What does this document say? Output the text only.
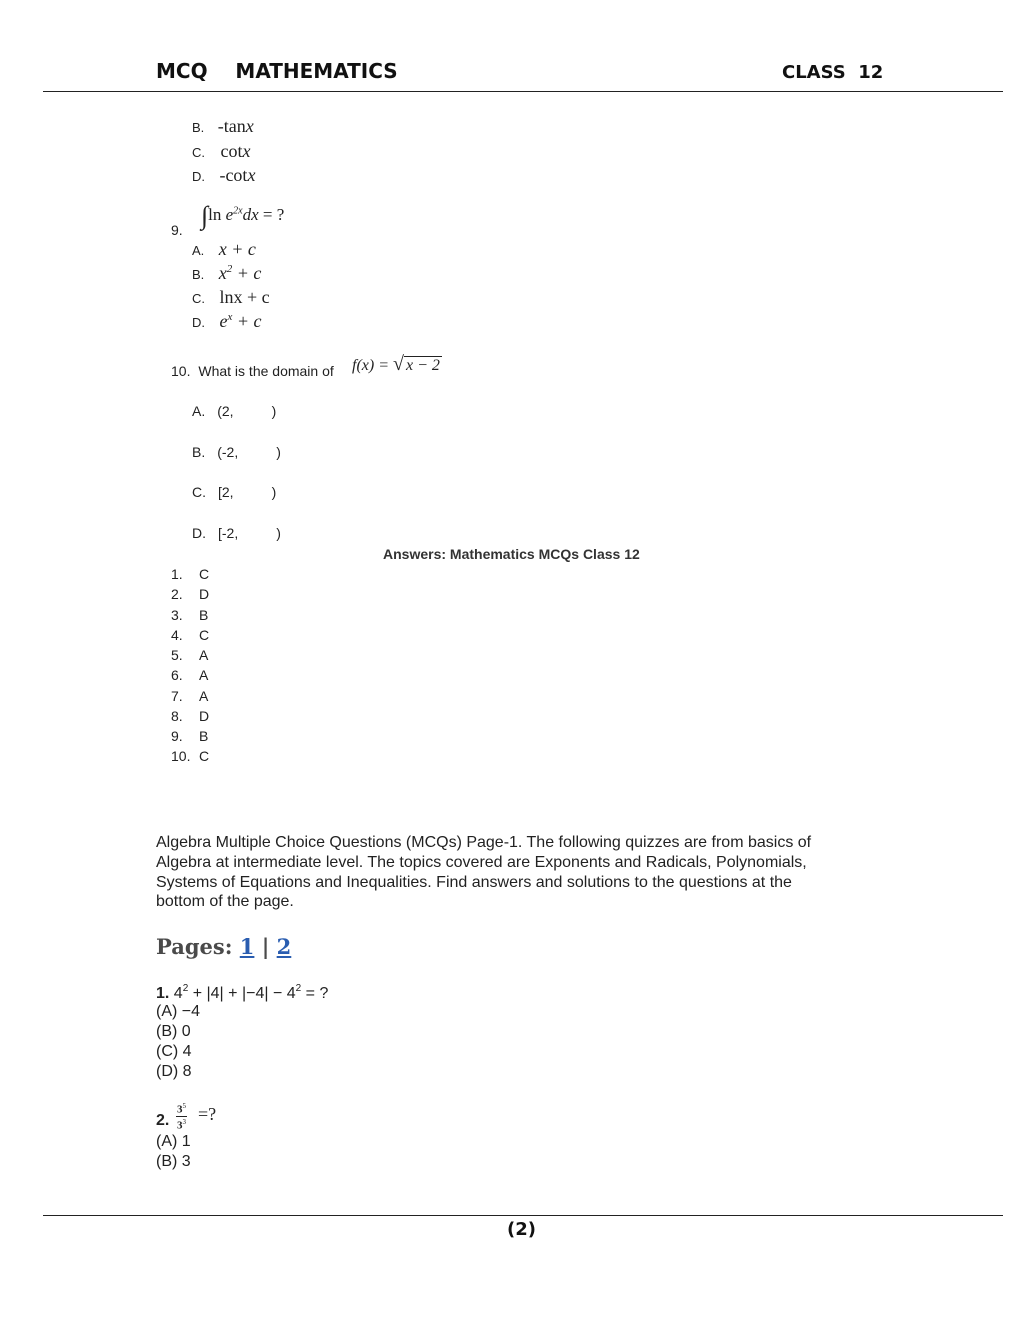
MCQ    MATHEMATICS	CLASS  12
B. -tanx
C. cotx
D. -cotx
9. ∫ln $e^{2x}dx$ = ?
A. x + c
B. $x^2 + c$
C. lnx + c
D. $e^x + c$
10. What is the domain of f(x) = √ x − 2
A. (2,	)
B. (-2,	)
C. [2,	)
D. [-2,	)
Answers: Mathematics MCQs Class 12
1. C
2. D
3. B
4. C
5. A
6. A
7. A
8. D
9. B
10. C
Algebra Multiple Choice Questions (MCQs) Page-1. The following quizzes are from basics of
Algebra at intermediate level. The topics covered are Exponents and Radicals, Polynomials,
Systems of Equations and Inequalities. Find answers and solutions to the questions at the
bottom of the page.
Pages: 1 | 2
1. $4^2 + |4| + |-4| - 4^2$ = ?
(A) −4
(B) 0
(C) 4
(D) 8
2.
$3^5$
$3^3$ =?
(A) 1
(B) 3
(2)
